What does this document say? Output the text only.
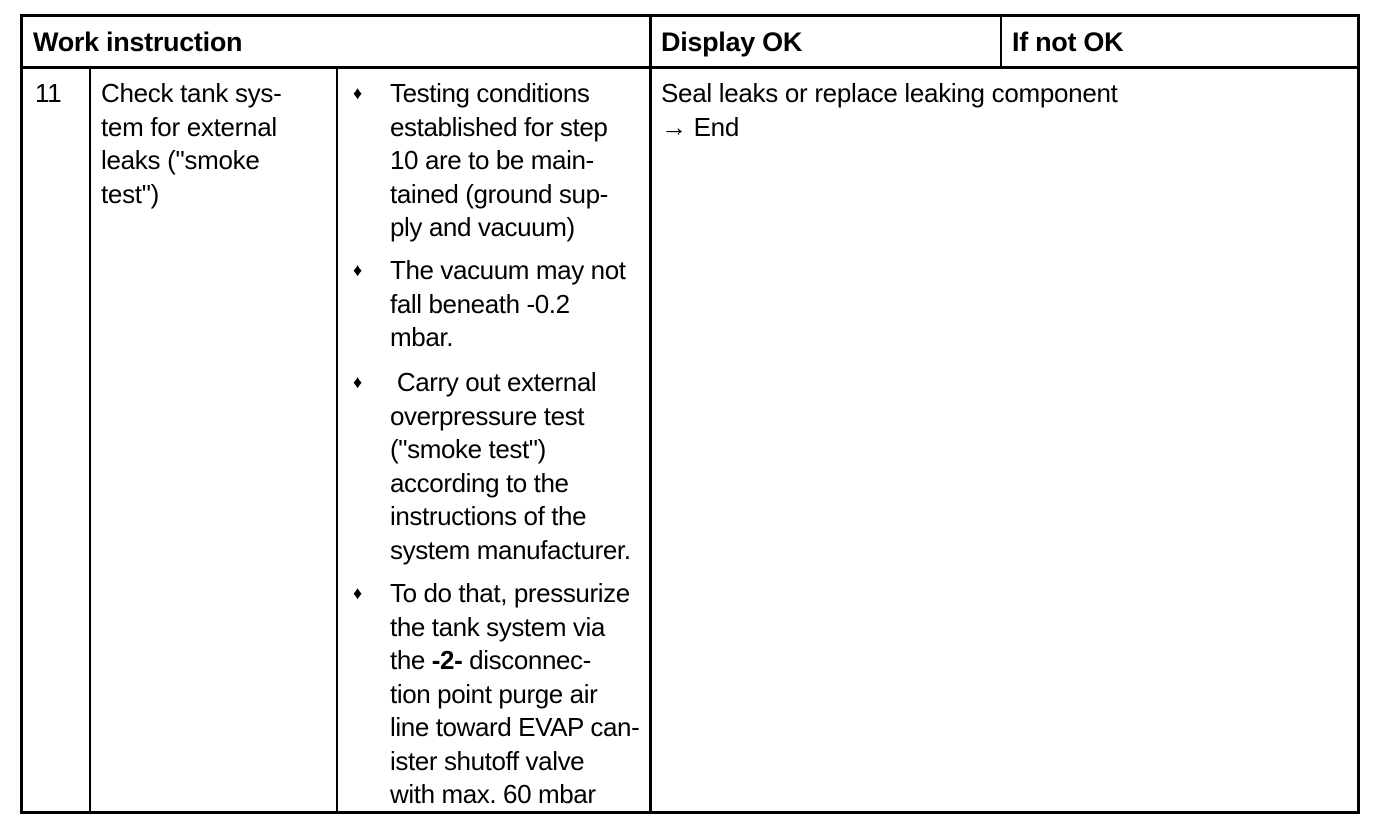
Work instruction	Display OK	If not OK
11 Check tank sys-
tem for external
leaks ("smoke
test")
♦ Testing conditions
established for step
10 are to be main-
tained (ground sup-
ply and vacuum)
♦ The vacuum may not
fall beneath -0.2
mbar.
♦ Carry out external
overpressure test
("smoke test")
according to the
instructions of the
system manufacturer.
♦ To do that, pressurize
the tank system via
the -2- disconnec-
tion point purge air
line toward EVAP can-
ister shutoff valve
with max. 60 mbar
Seal leaks or replace leaking component
→ End
